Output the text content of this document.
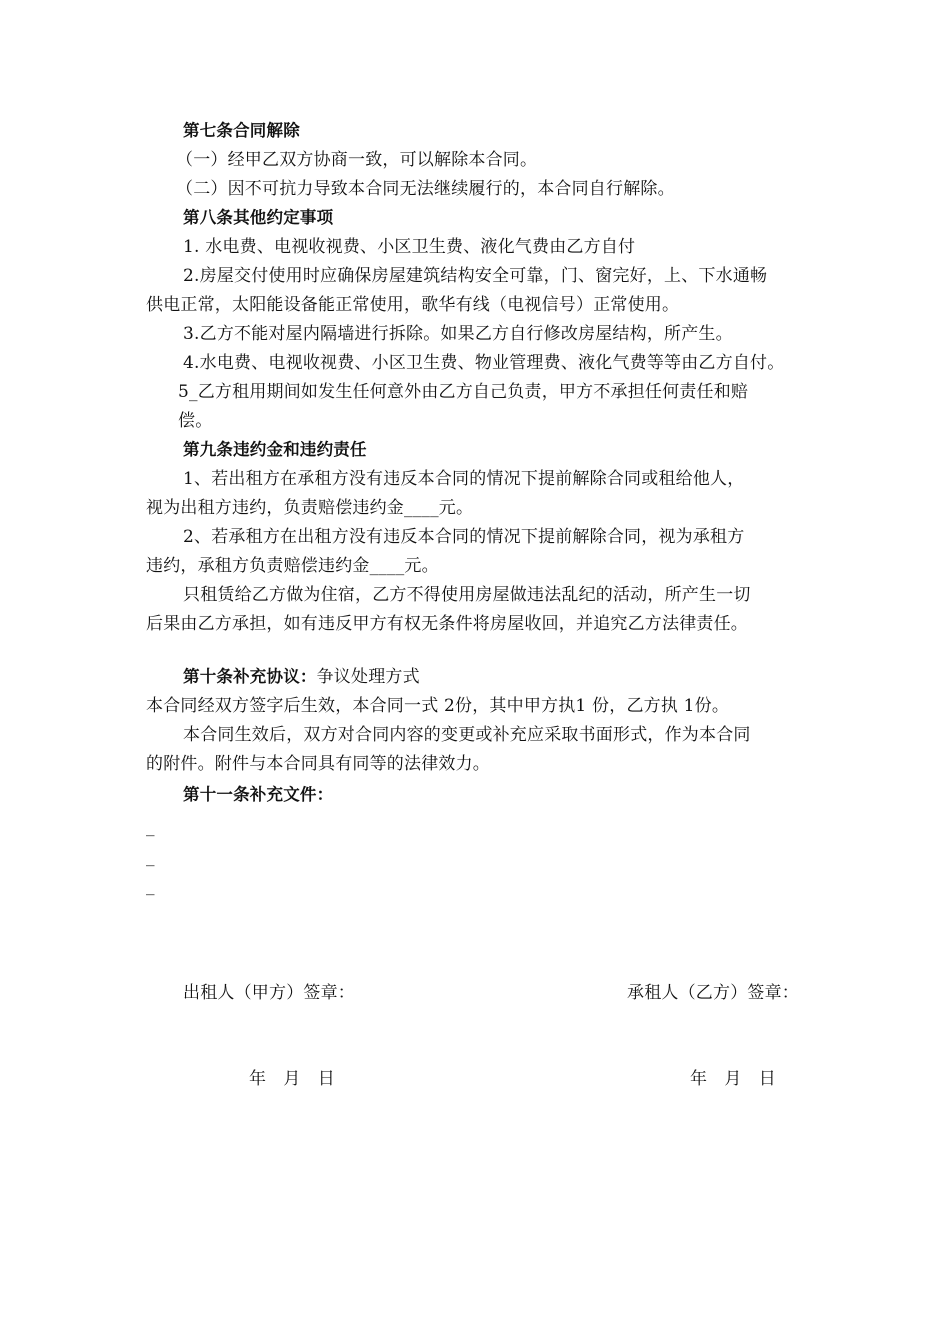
第七条合同解除
（一）经甲乙双方协商一致，可以解除本合同。
（二）因不可抗力导致本合同无法继续履行的，本合同自行解除。
第八条其他约定事项
1. 水电费、电视收视费、小区卫生费、液化气费由乙方自付
2.房屋交付使用时应确保房屋建筑结构安全可靠，门、窗完好，上、下水通畅
供电正常，太阳能设备能正常使用，歌华有线（电视信号）正常使用。
3.乙方不能对屋内隔墙进行拆除。如果乙方自行修改房屋结构，所产生。
4.水电费、电视收视费、小区卫生费、物业管理费、液化气费等等由乙方自付。
5_乙方租用期间如发生任何意外由乙方自己负责，甲方不承担任何责任和赔
偿。
第九条违约金和违约责任
1、若出租方在承租方没有违反本合同的情况下提前解除合同或租给他人，
视为出租方违约，负责赔偿违约金____元。
2、若承租方在出租方没有违反本合同的情况下提前解除合同，视为承租方
违约，承租方负责赔偿违约金____元。
只租赁给乙方做为住宿，乙方不得使用房屋做违法乱纪的活动，所产生一切
后果由乙方承担，如有违反甲方有权无条件将房屋收回，并追究乙方法律责任。
第十条补充协议：争议处理方式
本合同经双方签字后生效，本合同一式 2份，其中甲方执1 份，乙方执 1份。
本合同生效后，双方对合同内容的变更或补充应采取书面形式，作为本合同
的附件。附件与本合同具有同等的法律效力。
第十一条补充文件：
_
_
_
出租人（甲方）签章：	承租人（乙方）签章：
年　月　日	年　月　日
